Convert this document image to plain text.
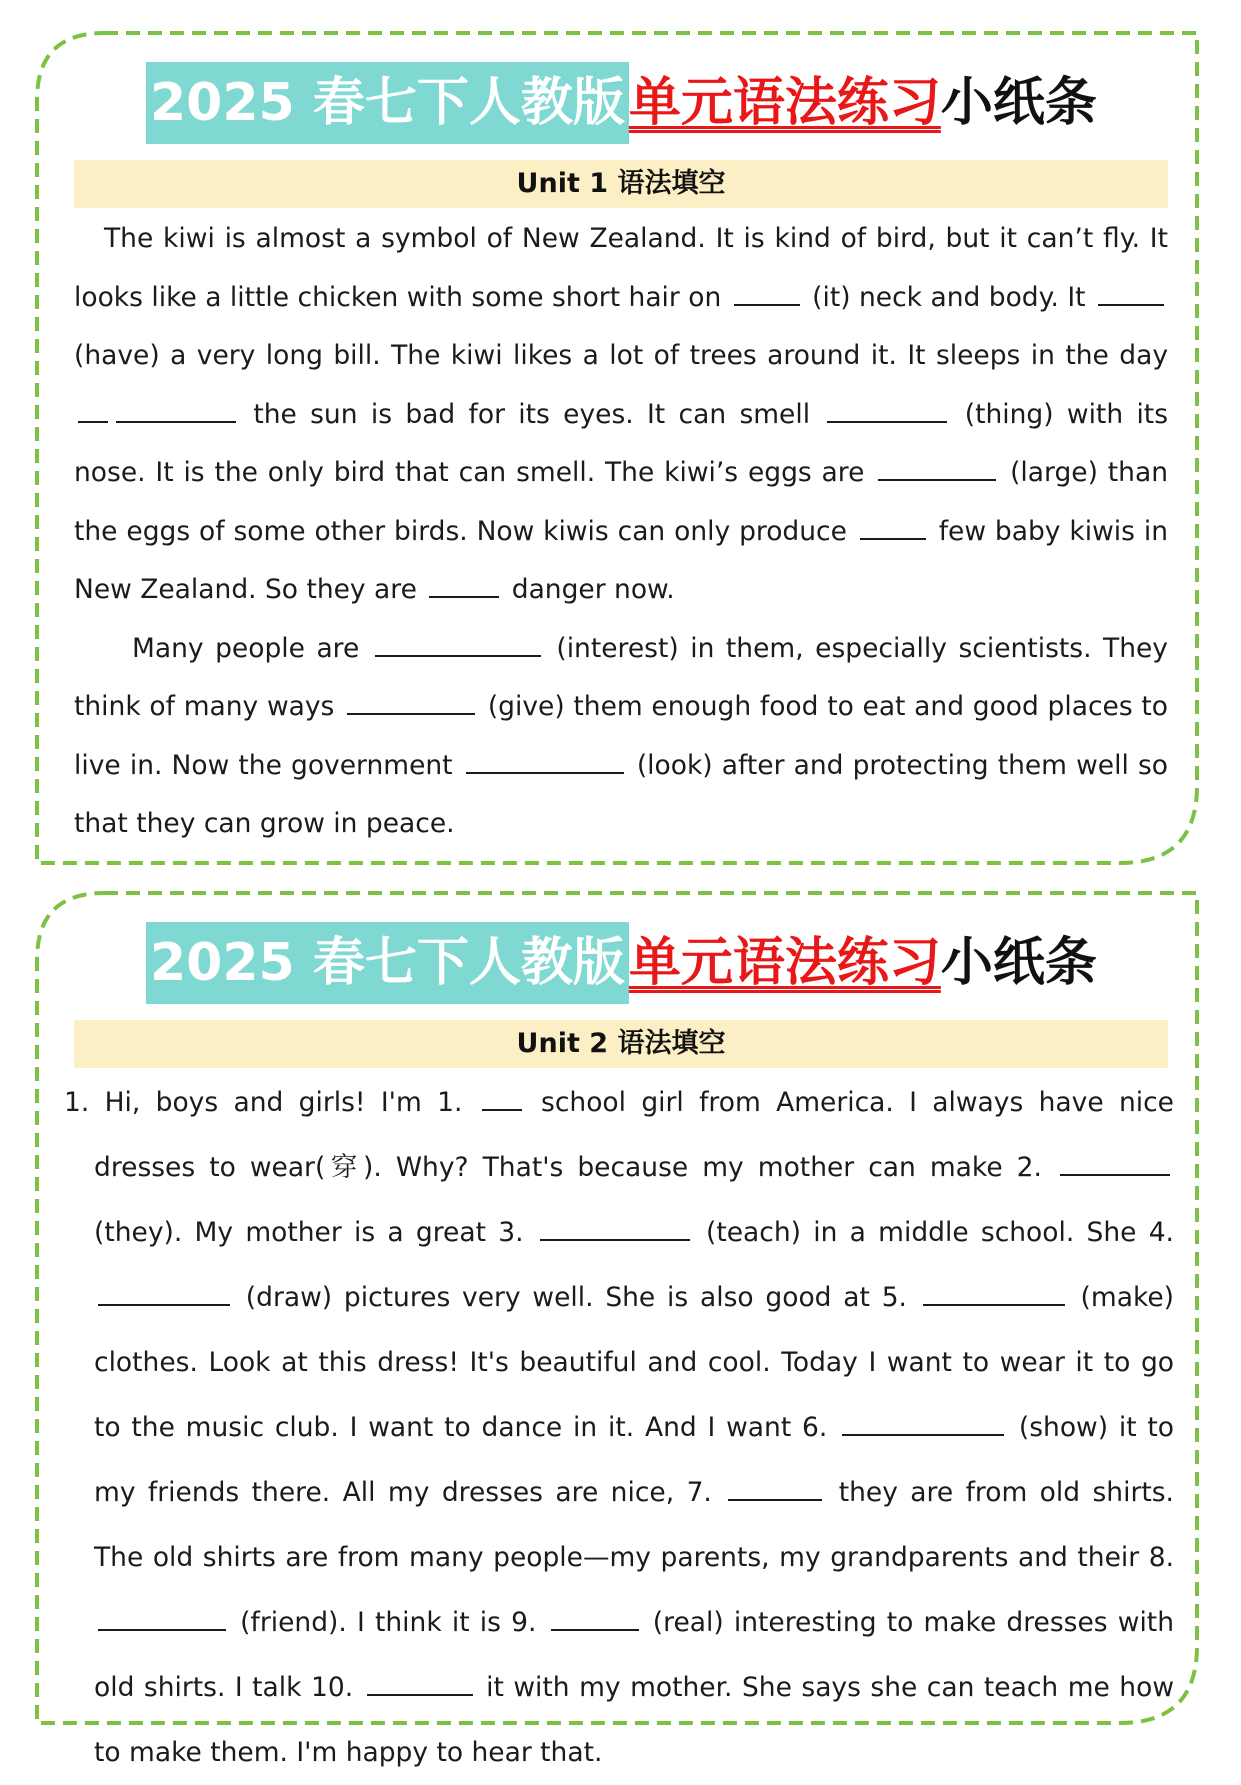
2025 春七下人教版单元语法练习小纸条
Unit 1 语法填空

The kiwi is almost a symbol of New Zealand. It is kind of bird, but it can’t fly. It looks like a little chicken with some short hair on	(it) neck and body. It  (have) a very long bill. The kiwi likes a lot of trees around it. It sleeps in the day  the sun is bad for its eyes. It can smell	(thing) with its nose. It is the only bird that can smell. The kiwi’s eggs are	(large) than the eggs of some other birds. Now kiwis can only produce	few baby kiwis in New Zealand. So they are	danger now.

Many people are	(interest) in them, especially scientists. They think of many ways	(give) them enough food to eat and good places to live in. Now the government	(look) after and protecting them well so that they can grow in peace.

2025 春七下人教版单元语法练习小纸条
Unit 2 语法填空

1. Hi, boys and girls! I'm 1.  school girl from America. I always have nice dresses to wear(穿). Why? That's because my mother can make 2.  (they). My mother is a great 3.	(teach) in a middle school. She 4.  (draw) pictures very well. She is also good at 5.	(make) clothes. Look at this dress! It's beautiful and cool. Today I want to wear it to go to the music club. I want to dance in it. And I want 6.	(show) it to my friends there. All my dresses are nice, 7.	they are from old shirts. The old shirts are from many people—my parents, my grandparents and their 8.  (friend). I think it is 9.	(real) interesting to make dresses with old shirts. I talk 10.	it with my mother. She says she can teach me how to make them. I'm happy to hear that.
